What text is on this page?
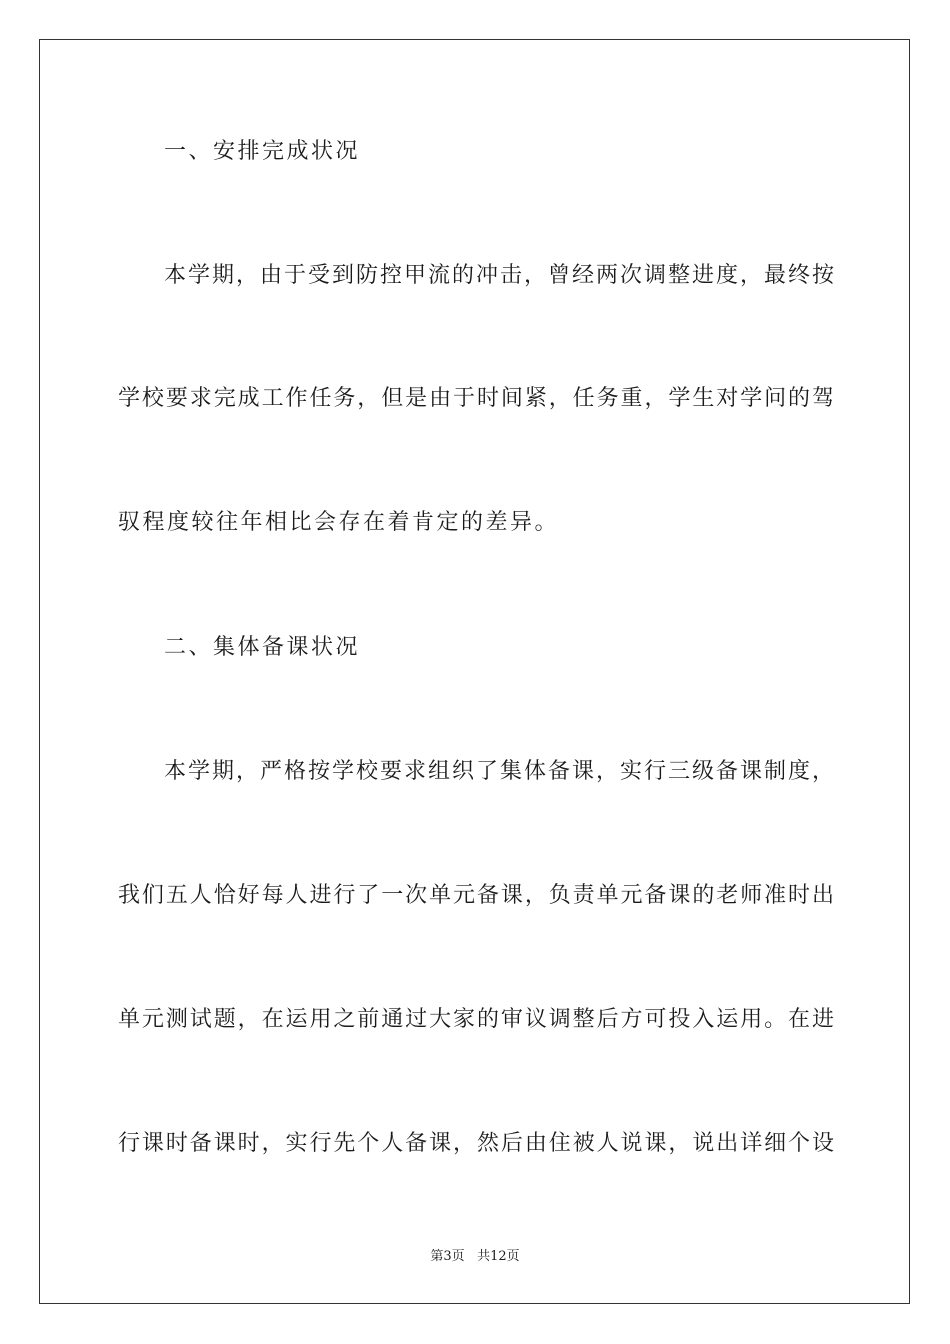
一、安排完成状况
本学期，由于受到防控甲流的冲击，曾经两次调整进度，最终按
学校要求完成工作任务，但是由于时间紧，任务重，学生对学问的驾
驭程度较往年相比会存在着肯定的差异。
二、集体备课状况
本学期，严格按学校要求组织了集体备课，实行三级备课制度，
我们五人恰好每人进行了一次单元备课，负责单元备课的老师准时出
单元测试题，在运用之前通过大家的审议调整后方可投入运用。在进
行课时备课时，实行先个人备课，然后由住被人说课，说出详细个设
第3页 共12页
